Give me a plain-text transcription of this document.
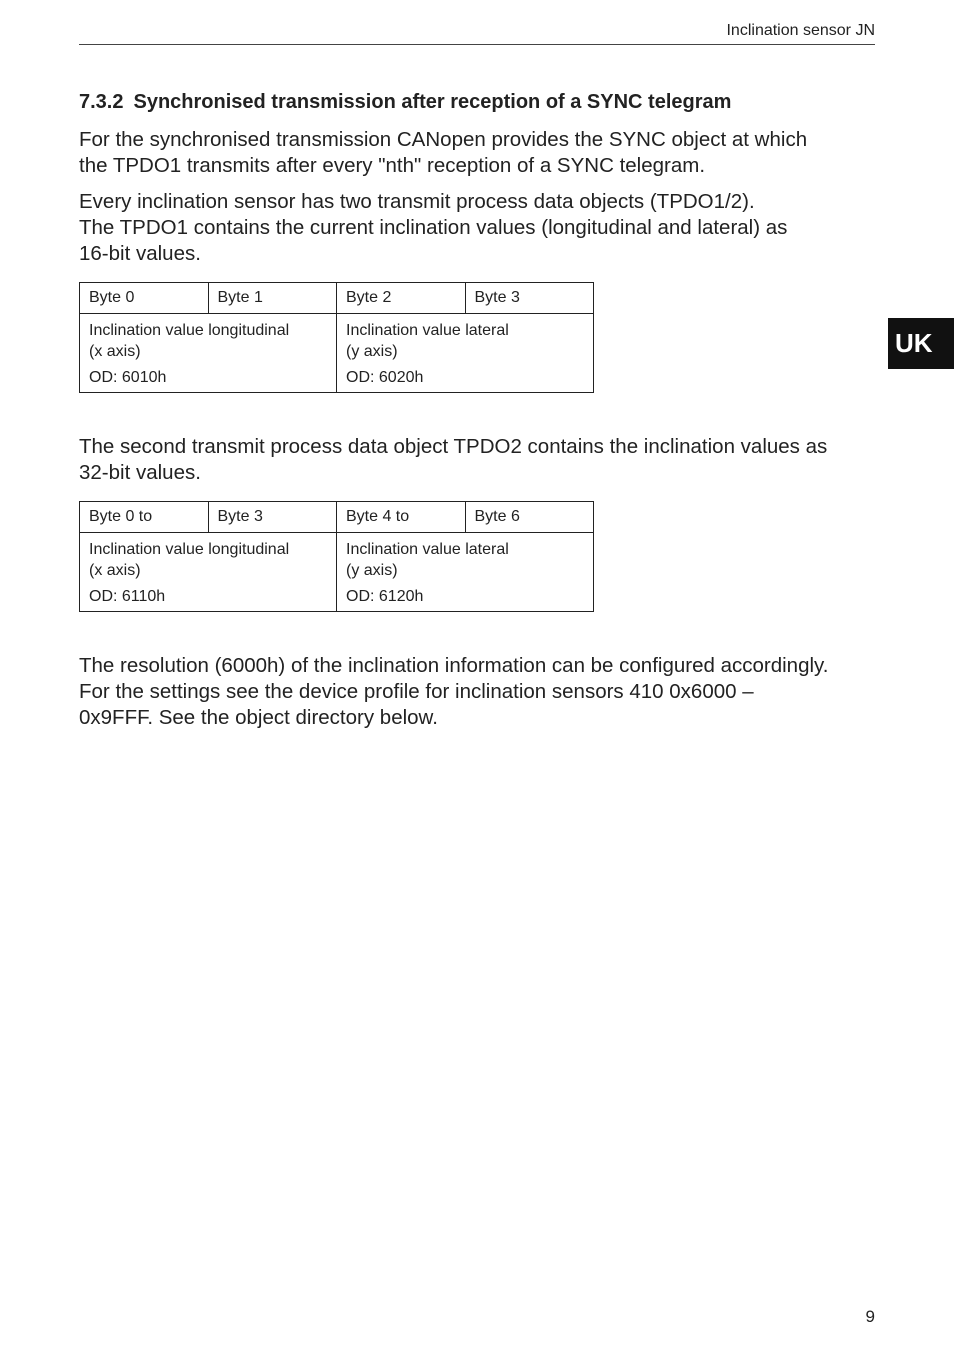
Inclination sensor JN
UK
7.3.2 Synchronised transmission after reception of a SYNC telegram

For the synchronised transmission CANopen provides the SYNC object at which
the TPDO1 transmits after every "nth" reception of a SYNC telegram.

Every inclination sensor has two transmit process data objects (TPDO1/2).
The TPDO1 contains the current inclination values (longitudinal and lateral) as
16-bit values.

Byte 0	Byte 1	Byte 2	Byte 3

Inclination value longitudinal
(x axis)
OD: 6010h		Inclination value lateral
(y axis)
OD: 6020h	

The second transmit process data object TPDO2 contains the inclination values as
32-bit values.

Byte 0 to	Byte 3	Byte 4 to	Byte 6

Inclination value longitudinal
(x axis)
OD: 6110h		Inclination value lateral
(y axis)
OD: 6120h	

The resolution (6000h) of the inclination information can be configured accordingly.
For the settings see the device profile for inclination sensors 410 0x6000 –
0x9FFF. See the object directory below.

9
